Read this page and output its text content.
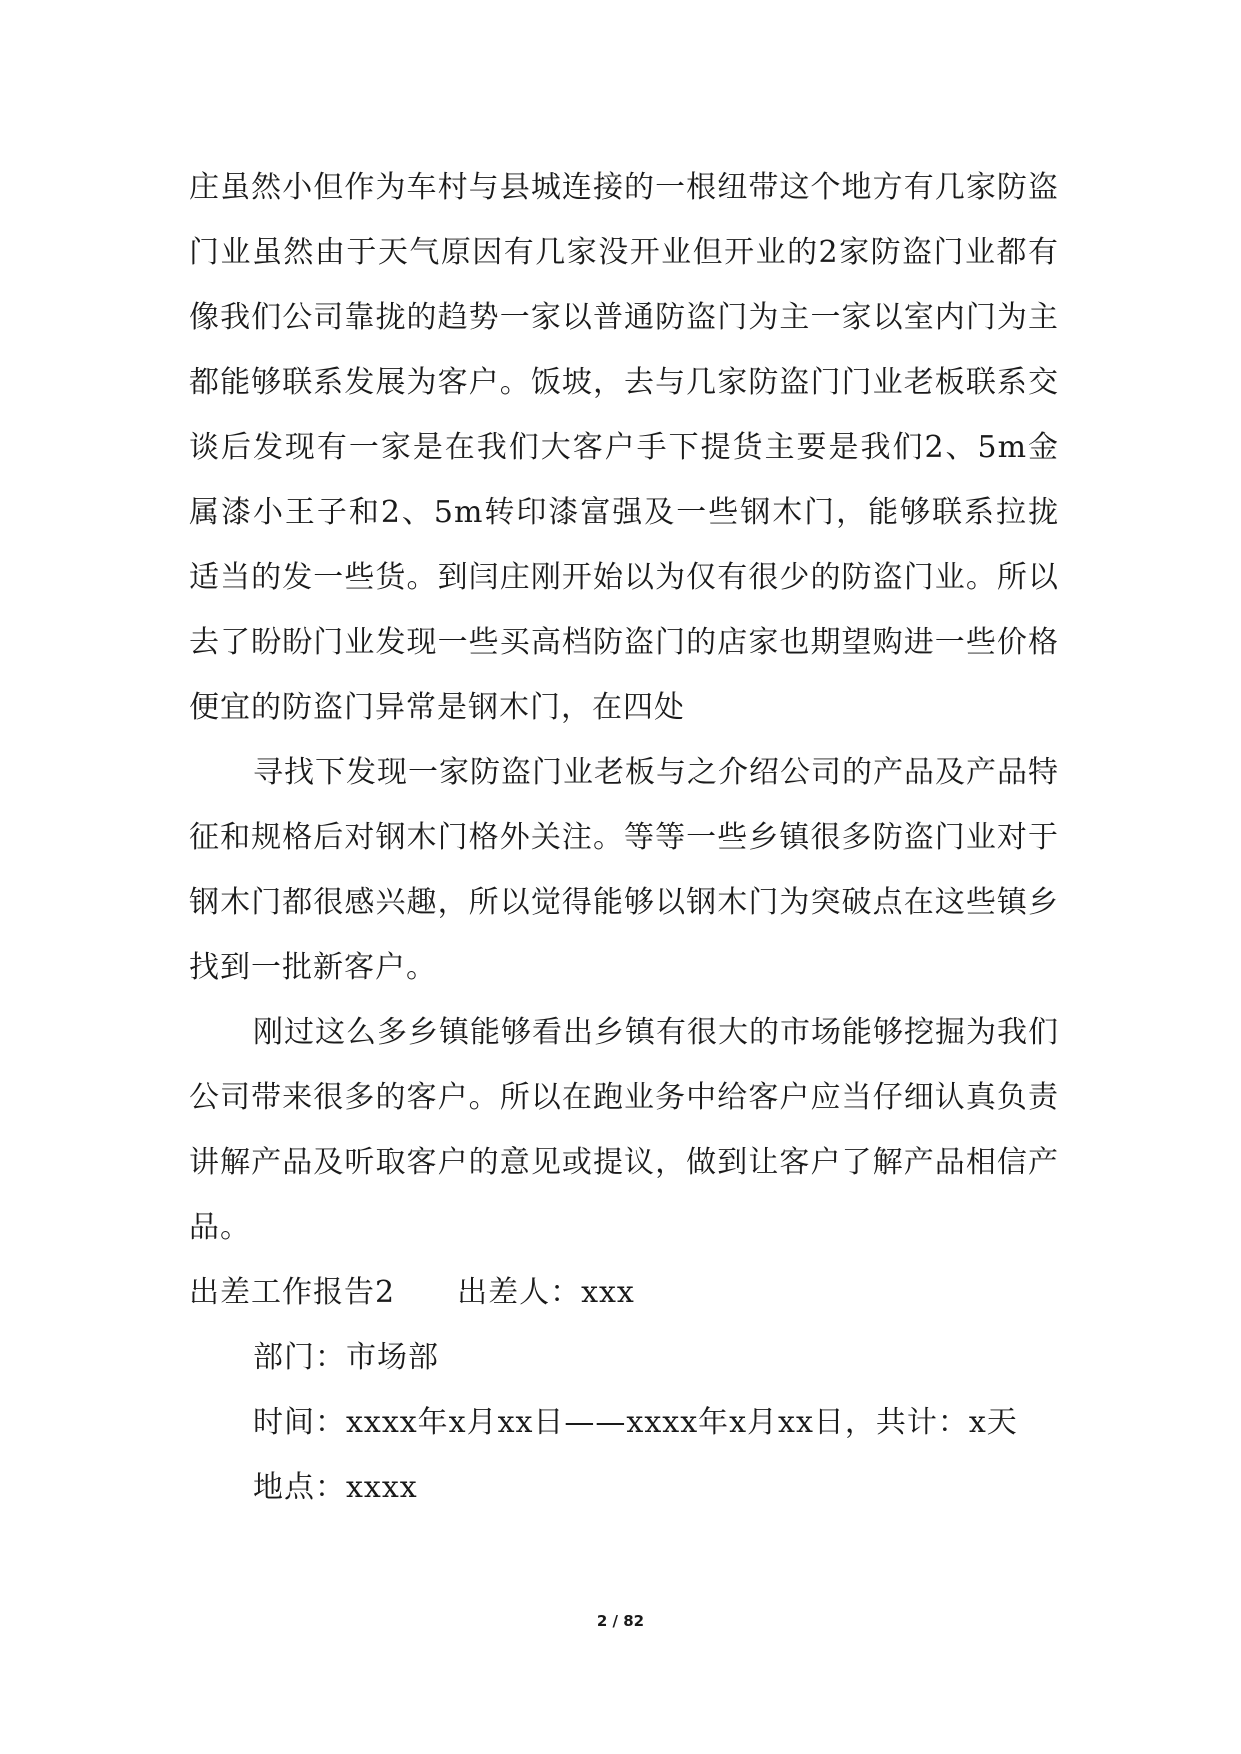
庄虽然小但作为车村与县城连接的一根纽带这个地方有几家防盗门业虽然由于天气原因有几家没开业但开业的2家防盗门业都有像我们公司靠拢的趋势一家以普通防盗门为主一家以室内门为主都能够联系发展为客户。饭坡，去与几家防盗门门业老板联系交谈后发现有一家是在我们大客户手下提货主要是我们2、5m金属漆小王子和2、5m转印漆富强及一些钢木门，能够联系拉拢适当的发一些货。到闫庄刚开始以为仅有很少的防盗门业。所以去了盼盼门业发现一些买高档防盗门的店家也期望购进一些价格便宜的防盗门异常是钢木门，在四处

寻找下发现一家防盗门业老板与之介绍公司的产品及产品特征和规格后对钢木门格外关注。等等一些乡镇很多防盗门业对于钢木门都很感兴趣，所以觉得能够以钢木门为突破点在这些镇乡找到一批新客户。

刚过这么多乡镇能够看出乡镇有很大的市场能够挖掘为我们公司带来很多的客户。所以在跑业务中给客户应当仔细认真负责讲解产品及听取客户的意见或提议，做到让客户了解产品相信产品。

出差工作报告2　　出差人：xxx

部门：市场部

时间：xxxx年x月xx日——xxxx年x月xx日，共计：x天

地点：xxxx

2 / 82
